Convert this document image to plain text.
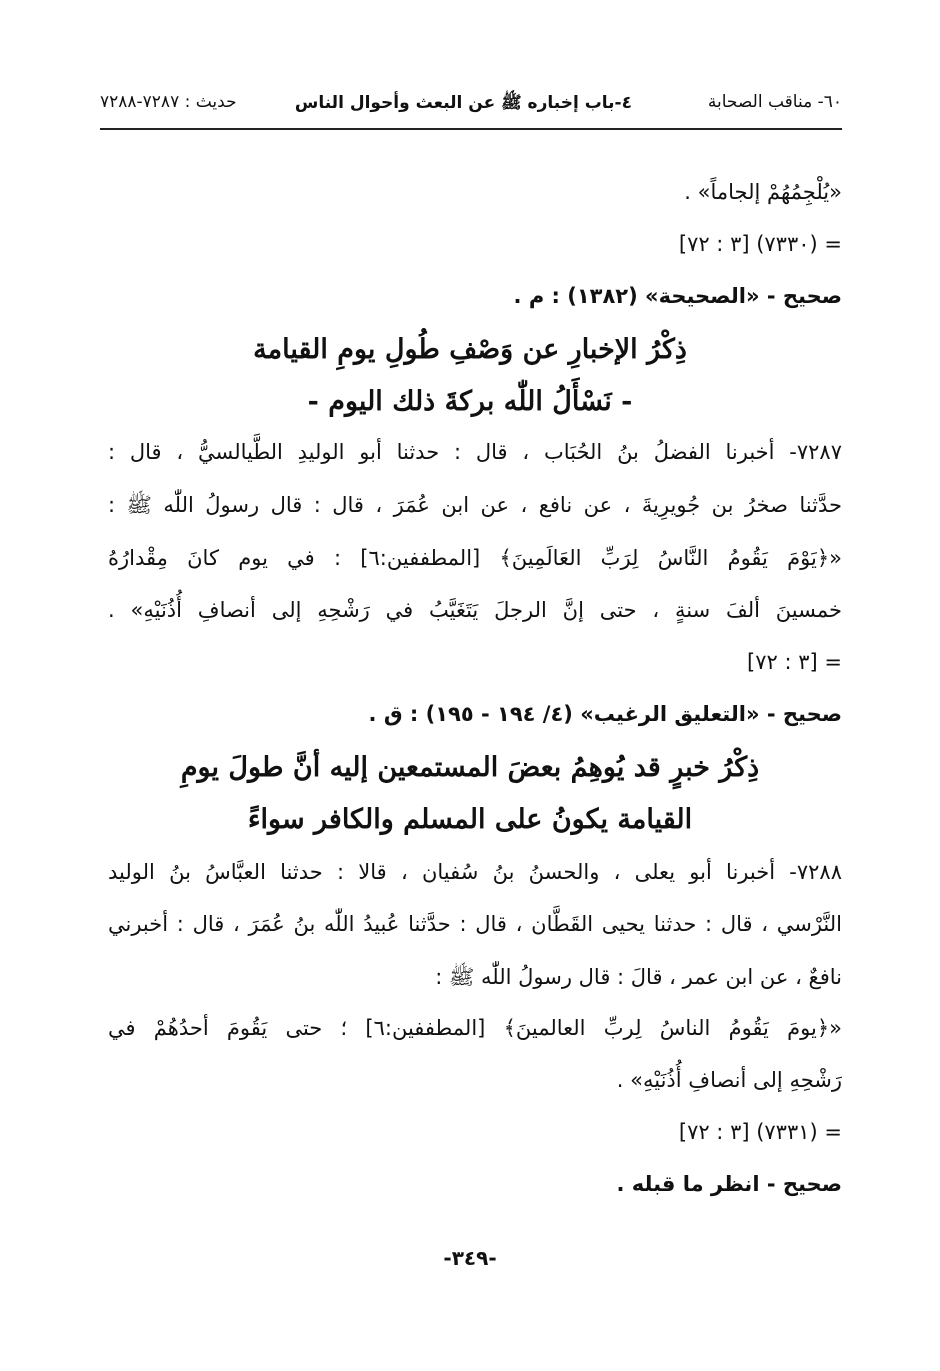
٦٠- مناقب الصحابة
٤-باب إخباره ﷺ عن البعث وأحوال الناس
حديث : ٧٢٨٧-٧٢٨٨
«يُلْجِمُهُمْ إلجاماً» .
= (٧٣٣٠) [٣ : ٧٢]
صحيح - «الصحيحة» (١٣٨٢) : م .
ذِكْرُ الإخبارِ عن وَصْفِ طُولِ يومِ القيامة
- نَسْأَلُ اللّٰه بركةَ ذلك اليوم -
٧٢٨٧- أخبرنا الفضلُ بنُ الحُبَاب ، قال : حدثنا أبو الوليدِ الطَّيالسيُّ ، قال :
حدَّثنا صخرُ بن جُويرِيةَ ، عن نافع ، عن ابن عُمَرَ ، قال : قال رسولُ اللّٰه ﷺ :
«﴿يَوْمَ يَقُومُ النَّاسُ لِرَبِّ العَالَمِينَ﴾ [المطففين:٦] : في يوم كانَ مِقْدارُهُ
خمسينَ ألفَ سنةٍ ، حتى إنَّ الرجلَ يَتَغَيَّبُ في رَشْحِهِ إلى أنصافِ أُذُنَيْهِ» .
= [٣ : ٧٢]
صحيح - «التعليق الرغيب» (٤/ ١٩٤ - ١٩٥) : ق .
ذِكْرُ خبرٍ قد يُوهِمُ بعضَ المستمعين إليه أنَّ طولَ يومِ
القيامة يكونُ على المسلم والكافر سواءً
٧٢٨٨- أخبرنا أبو يعلى ، والحسنُ بنُ سُفيان ، قالا : حدثنا العبَّاسُ بنُ الوليد
النَّرْسي ، قال : حدثنا يحيى القَطَّان ، قال : حدَّثنا عُبيدُ اللّٰه بنُ عُمَرَ ، قال : أخبرني
نافعٌ ، عن ابن عمر ، قالَ : قال رسولُ اللّٰه ﷺ :
«﴿يومَ يَقُومُ الناسُ لِربِّ العالمينَ﴾ [المطففين:٦] ؛ حتى يَقُومَ أحدُهُمْ في
رَشْحِهِ إلى أنصافِ أُذُنَيْهِ» .
= (٧٣٣١) [٣ : ٧٢]
صحيح - انظر ما قبله .
-٣٤٩-
